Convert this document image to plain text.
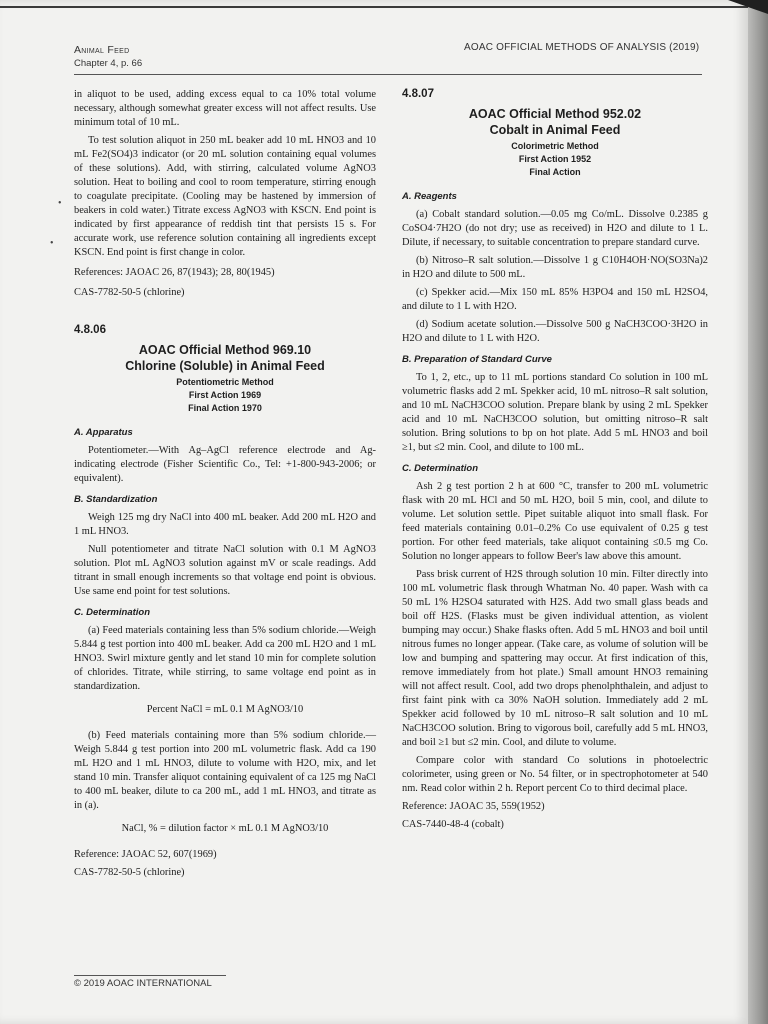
Animal Feed
Chapter 4, p. 66
AOAC OFFICIAL METHODS OF ANALYSIS (2019)
•
•

in aliquot to be used, adding excess equal to ca 10% total volume necessary, although somewhat greater excess will not affect results. Use minimum total of 10 mL.

To test solution aliquot in 250 mL beaker add 10 mL HNO3 and 10 mL Fe2(SO4)3 indicator (or 20 mL solution containing equal volumes of these solutions). Add, with stirring, calculated volume AgNO3 solution. Heat to boiling and cool to room temperature, stirring enough to coagulate precipitate. (Cooling may be hastened by immersion of beakers in cold water.) Titrate excess AgNO3 with KSCN. End point is indicated by first appearance of reddish tint that persists 15 s. For accurate work, use reference solution containing all ingredients except KSCN. End point is first change in color.

References: JAOAC 26, 87(1943); 28, 80(1945)

CAS-7782-50-5 (chlorine)

4.8.06
AOAC Official Method 969.10
Chlorine (Soluble) in Animal Feed
Potentiometric Method
First Action 1969
Final Action 1970
A. Apparatus

Potentiometer.—With Ag–AgCl reference electrode and Ag-indicating electrode (Fisher Scientific Co., Tel: +1-800-943-2006; or equivalent).

B. Standardization

Weigh 125 mg dry NaCl into 400 mL beaker. Add 200 mL H2O and 1 mL HNO3.

Null potentiometer and titrate NaCl solution with 0.1 M AgNO3 solution. Plot mL AgNO3 solution against mV or scale readings. Add titrant in small enough increments so that voltage end point is obvious. Use same end point for test solutions.

C. Determination

(a) Feed materials containing less than 5% sodium chloride.—Weigh 5.844 g test portion into 400 mL beaker. Add ca 200 mL H2O and 1 mL HNO3. Swirl mixture gently and let stand 10 min for complete solution of chlorides. Titrate, while stirring, to same voltage end point as in standardization.

Percent NaCl = mL 0.1 M AgNO3/10

(b) Feed materials containing more than 5% sodium chloride.—Weigh 5.844 g test portion into 200 mL volumetric flask. Add ca 190 mL H2O and 1 mL HNO3, dilute to volume with H2O, mix, and let stand 10 min. Transfer aliquot containing equivalent of ca 125 mg NaCl to 400 mL beaker, dilute to ca 200 mL, add 1 mL HNO3, and titrate as in (a).

NaCl, % = dilution factor × mL 0.1 M AgNO3/10

Reference: JAOAC 52, 607(1969)

CAS-7782-50-5 (chlorine)

4.8.07
AOAC Official Method 952.02
Cobalt in Animal Feed
Colorimetric Method
First Action 1952
Final Action
A. Reagents

(a) Cobalt standard solution.—0.05 mg Co/mL. Dissolve 0.2385 g CoSO4·7H2O (do not dry; use as received) in H2O and dilute to 1 L. Dilute, if necessary, to suitable concentration to prepare standard curve.

(b) Nitroso–R salt solution.—Dissolve 1 g C10H4OH·NO(SO3Na)2 in H2O and dilute to 500 mL.

(c) Spekker acid.—Mix 150 mL 85% H3PO4 and 150 mL H2SO4, and dilute to 1 L with H2O.

(d) Sodium acetate solution.—Dissolve 500 g NaCH3COO·3H2O in H2O and dilute to 1 L with H2O.

B. Preparation of Standard Curve

To 1, 2, etc., up to 11 mL portions standard Co solution in 100 mL volumetric flasks add 2 mL Spekker acid, 10 mL nitroso–R salt solution, and 10 mL NaCH3COO solution. Prepare blank by using 2 mL Spekker acid and 10 mL NaCH3COO solution, but omitting nitroso–R salt solution. Bring solutions to bp on hot plate. Add 5 mL HNO3 and boil ≥1, but ≤2 min. Cool, and dilute to 100 mL.

C. Determination

Ash 2 g test portion 2 h at 600 °C, transfer to 200 mL volumetric flask with 20 mL HCl and 50 mL H2O, boil 5 min, cool, and dilute to volume. Let solution settle. Pipet suitable aliquot into small flask. For feed materials containing 0.01–0.2% Co use equivalent of 0.25 g test portion. For other feed materials, take aliquot containing ≤0.5 mg Co. Solution no longer appears to follow Beer's law above this amount.

Pass brisk current of H2S through solution 10 min. Filter directly into 100 mL volumetric flask through Whatman No. 40 paper. Wash with ca 50 mL 1% H2SO4 saturated with H2S. Add two small glass beads and boil off H2S. (Flasks must be given individual attention, as violent bumping may occur.) Shake flasks often. Add 5 mL HNO3 and boil until nitrous fumes no longer appear. (Take care, as volume of solution will be low and bumping and spattering may occur. At first indication of this, remove immediately from hot plate.) Small amount HNO3 remaining will not affect result. Cool, add two drops phenolphthalein, and adjust to first faint pink with ca 30% NaOH solution. Immediately add 2 mL Spekker acid followed by 10 mL nitroso–R salt solution and 10 mL NaCH3COO solution. Bring to vigorous boil, carefully add 5 mL HNO3, and boil ≥1 but ≤2 min. Cool, and dilute to volume.

Compare color with standard Co solutions in photoelectric colorimeter, using green or No. 54 filter, or in spectrophotometer at 540 nm. Read color within 2 h. Report percent Co to third decimal place.

Reference: JAOAC 35, 559(1952)

CAS-7440-48-4 (cobalt)

© 2019 AOAC INTERNATIONAL
